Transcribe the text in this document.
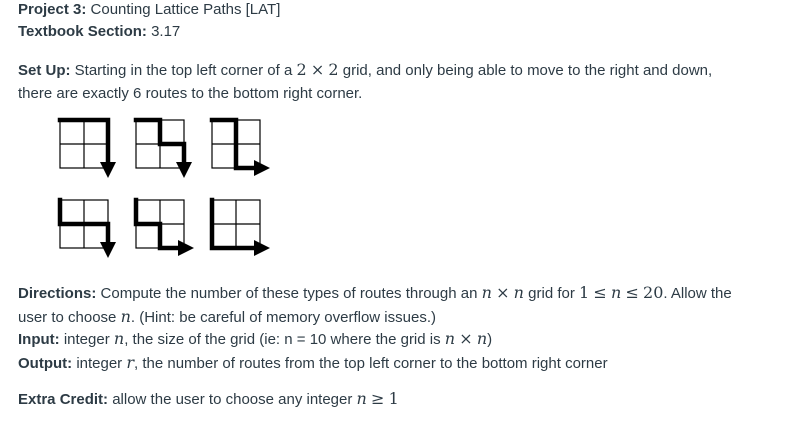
Project 3: Counting Lattice Paths [LAT]
Textbook Section: 3.17
Set Up: Starting in the top left corner of a 2 × 2 grid, and only being able to move to the right and down,
there are exactly 6 routes to the bottom right corner.
Directions: Compute the number of these types of routes through an n × n grid for 1 ≤ n ≤ 20. Allow the
user to choose n. (Hint: be careful of memory overflow issues.)
Input: integer n, the size of the grid (ie: n = 10 where the grid is n × n)
Output: integer r, the number of routes from the top left corner to the bottom right corner
Extra Credit: allow the user to choose any integer n ≥ 1
